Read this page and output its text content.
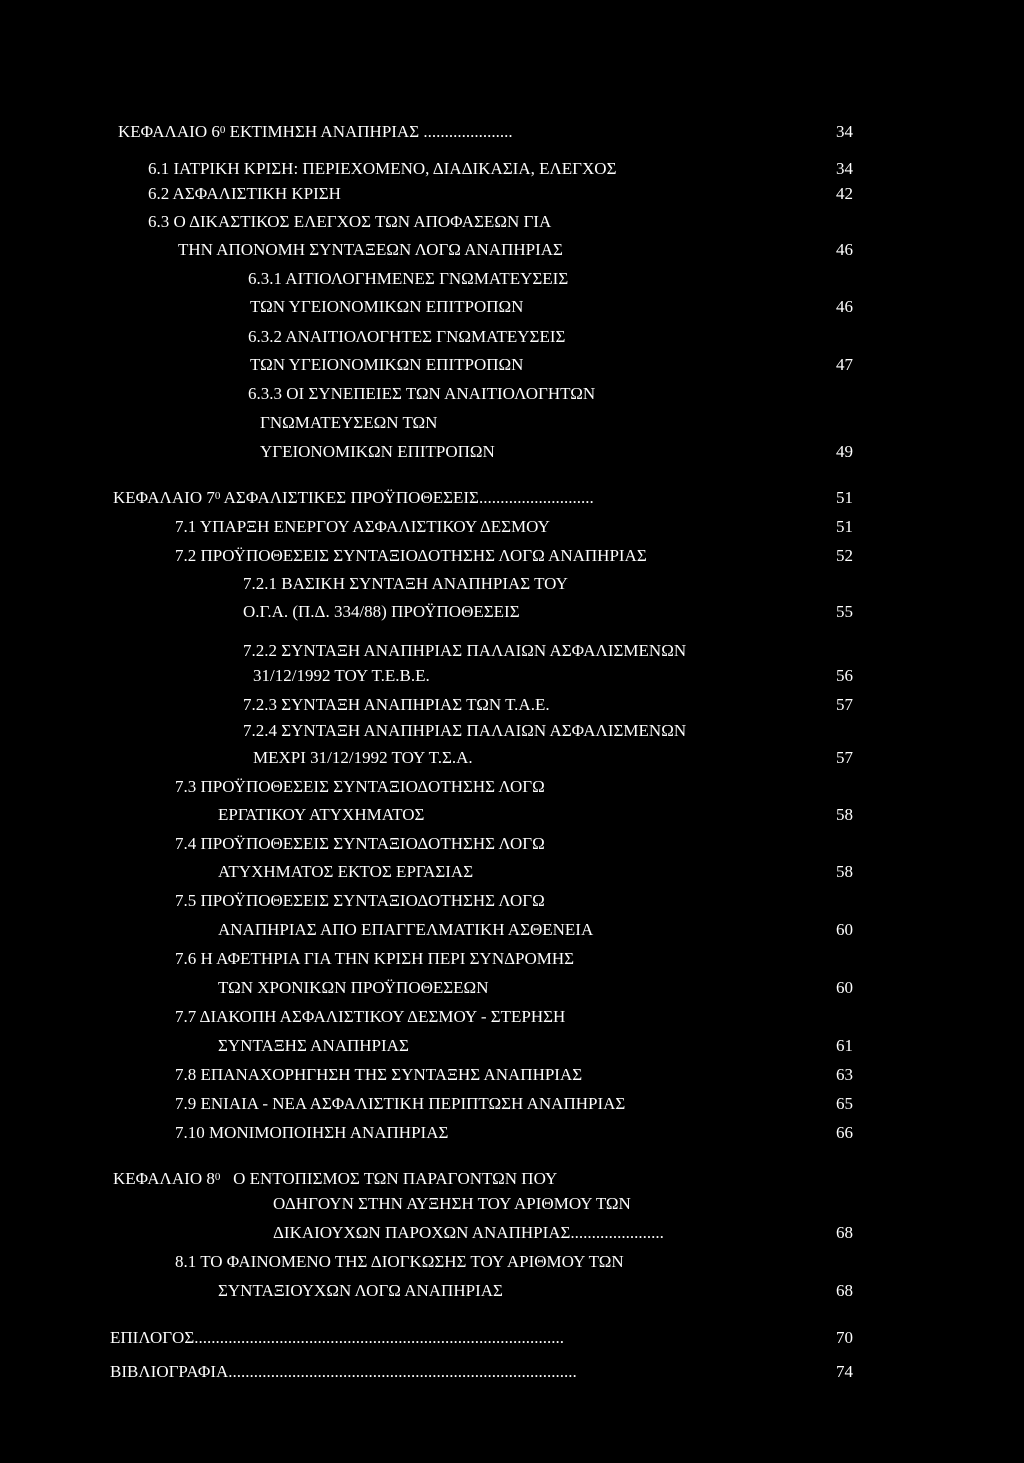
ΚΕΦΑΛΑΙΟ $6^0$ ΕΚΤΙΜΗΣΗ ΑΝΑΠΗΡΙΑΣ .....................	34
6.1 ΙΑΤΡΙΚΗ ΚΡΙΣΗ: ΠΕΡΙΕΧΟΜΕΝΟ, ΔΙΑΔΙΚΑΣΙΑ, ΕΛΕΓΧΟΣ	34
6.2 ΑΣΦΑΛΙΣΤΙΚΗ ΚΡΙΣΗ	42
6.3 Ο ΔΙΚΑΣΤΙΚΟΣ ΕΛΕΓΧΟΣ ΤΩΝ ΑΠΟΦΑΣΕΩΝ ΓΙΑ
ΤΗΝ ΑΠΟΝΟΜΗ ΣΥΝΤΑΞΕΩΝ ΛΟΓΩ ΑΝΑΠΗΡΙΑΣ	46
6.3.1 ΑΙΤΙΟΛΟΓΗΜΕΝΕΣ ΓΝΩΜΑΤΕΥΣΕΙΣ
ΤΩΝ ΥΓΕΙΟΝΟΜΙΚΩΝ ΕΠΙΤΡΟΠΩΝ	46
6.3.2 ΑΝΑΙΤΙΟΛΟΓΗΤΕΣ ΓΝΩΜΑΤΕΥΣΕΙΣ
ΤΩΝ ΥΓΕΙΟΝΟΜΙΚΩΝ ΕΠΙΤΡΟΠΩΝ	47
6.3.3 ΟΙ ΣΥΝΕΠΕΙΕΣ ΤΩΝ ΑΝΑΙΤΙΟΛΟΓΗΤΩΝ
ΓΝΩΜΑΤΕΥΣΕΩΝ ΤΩΝ
ΥΓΕΙΟΝΟΜΙΚΩΝ ΕΠΙΤΡΟΠΩΝ	49
ΚΕΦΑΛΑΙΟ $7^0$ ΑΣΦΑΛΙΣΤΙΚΕΣ ΠΡΟΫΠΟΘΕΣΕΙΣ...........................	51
7.1 ΥΠΑΡΞΗ ΕΝΕΡΓΟΥ ΑΣΦΑΛΙΣΤΙΚΟΥ ΔΕΣΜΟΥ	51
7.2 ΠΡΟΫΠΟΘΕΣΕΙΣ ΣΥΝΤΑΞΙΟΔΟΤΗΣΗΣ ΛΟΓΩ ΑΝΑΠΗΡΙΑΣ	52
7.2.1 ΒΑΣΙΚΗ ΣΥΝΤΑΞΗ ΑΝΑΠΗΡΙΑΣ ΤΟΥ
Ο.Γ.Α. (Π.Δ. 334/88) ΠΡΟΫΠΟΘΕΣΕΙΣ	55
7.2.2 ΣΥΝΤΑΞΗ ΑΝΑΠΗΡΙΑΣ ΠΑΛΑΙΩΝ ΑΣΦΑΛΙΣΜΕΝΩΝ
31/12/1992 ΤΟΥ Τ.Ε.Β.Ε.	56
7.2.3 ΣΥΝΤΑΞΗ ΑΝΑΠΗΡΙΑΣ ΤΩΝ Τ.Α.Ε.	57
7.2.4 ΣΥΝΤΑΞΗ ΑΝΑΠΗΡΙΑΣ ΠΑΛΑΙΩΝ ΑΣΦΑΛΙΣΜΕΝΩΝ
ΜΕΧΡΙ 31/12/1992 ΤΟΥ Τ.Σ.Α.	57
7.3 ΠΡΟΫΠΟΘΕΣΕΙΣ ΣΥΝΤΑΞΙΟΔΟΤΗΣΗΣ ΛΟΓΩ
ΕΡΓΑΤΙΚΟΥ ΑΤΥΧΗΜΑΤΟΣ	58
7.4 ΠΡΟΫΠΟΘΕΣΕΙΣ ΣΥΝΤΑΞΙΟΔΟΤΗΣΗΣ ΛΟΓΩ
ΑΤΥΧΗΜΑΤΟΣ ΕΚΤΟΣ ΕΡΓΑΣΙΑΣ	58
7.5 ΠΡΟΫΠΟΘΕΣΕΙΣ ΣΥΝΤΑΞΙΟΔΟΤΗΣΗΣ ΛΟΓΩ
ΑΝΑΠΗΡΙΑΣ ΑΠΟ ΕΠΑΓΓΕΛΜΑΤΙΚΗ ΑΣΘΕΝΕΙΑ	60
7.6 Η ΑΦΕΤΗΡΙΑ ΓΙΑ ΤΗΝ ΚΡΙΣΗ ΠΕΡΙ ΣΥΝΔΡΟΜΗΣ
ΤΩΝ ΧΡΟΝΙΚΩΝ ΠΡΟΫΠΟΘΕΣΕΩΝ	60
7.7 ΔΙΑΚΟΠΗ ΑΣΦΑΛΙΣΤΙΚΟΥ ΔΕΣΜΟΥ - ΣΤΕΡΗΣΗ
ΣΥΝΤΑΞΗΣ ΑΝΑΠΗΡΙΑΣ	61
7.8 ΕΠΑΝΑΧΟΡΗΓΗΣΗ ΤΗΣ ΣΥΝΤΑΞΗΣ ΑΝΑΠΗΡΙΑΣ	63
7.9 ΕΝΙΑΙΑ - ΝΕΑ ΑΣΦΑΛΙΣΤΙΚΗ ΠΕΡΙΠΤΩΣΗ ΑΝΑΠΗΡΙΑΣ	65
7.10 ΜΟΝΙΜΟΠΟΙΗΣΗ ΑΝΑΠΗΡΙΑΣ	66
ΚΕΦΑΛΑΙΟ $8^0$ Ο ΕΝΤΟΠΙΣΜΟΣ ΤΩΝ ΠΑΡΑΓΟΝΤΩΝ ΠΟΥ
ΟΔΗΓΟΥΝ ΣΤΗΝ ΑΥΞΗΣΗ ΤΟΥ ΑΡΙΘΜΟΥ ΤΩΝ
ΔΙΚΑΙΟΥΧΩΝ ΠΑΡΟΧΩΝ ΑΝΑΠΗΡΙΑΣ......................	68
8.1 ΤΟ ΦΑΙΝΟΜΕΝΟ ΤΗΣ ΔΙΟΓΚΩΣΗΣ ΤΟΥ ΑΡΙΘΜΟΥ ΤΩΝ
ΣΥΝΤΑΞΙΟΥΧΩΝ ΛΟΓΩ ΑΝΑΠΗΡΙΑΣ	68
ΕΠΙΛΟΓΟΣ.......................................................................................	70
ΒΙΒΛΙΟΓΡΑΦΙΑ..................................................................................	74
